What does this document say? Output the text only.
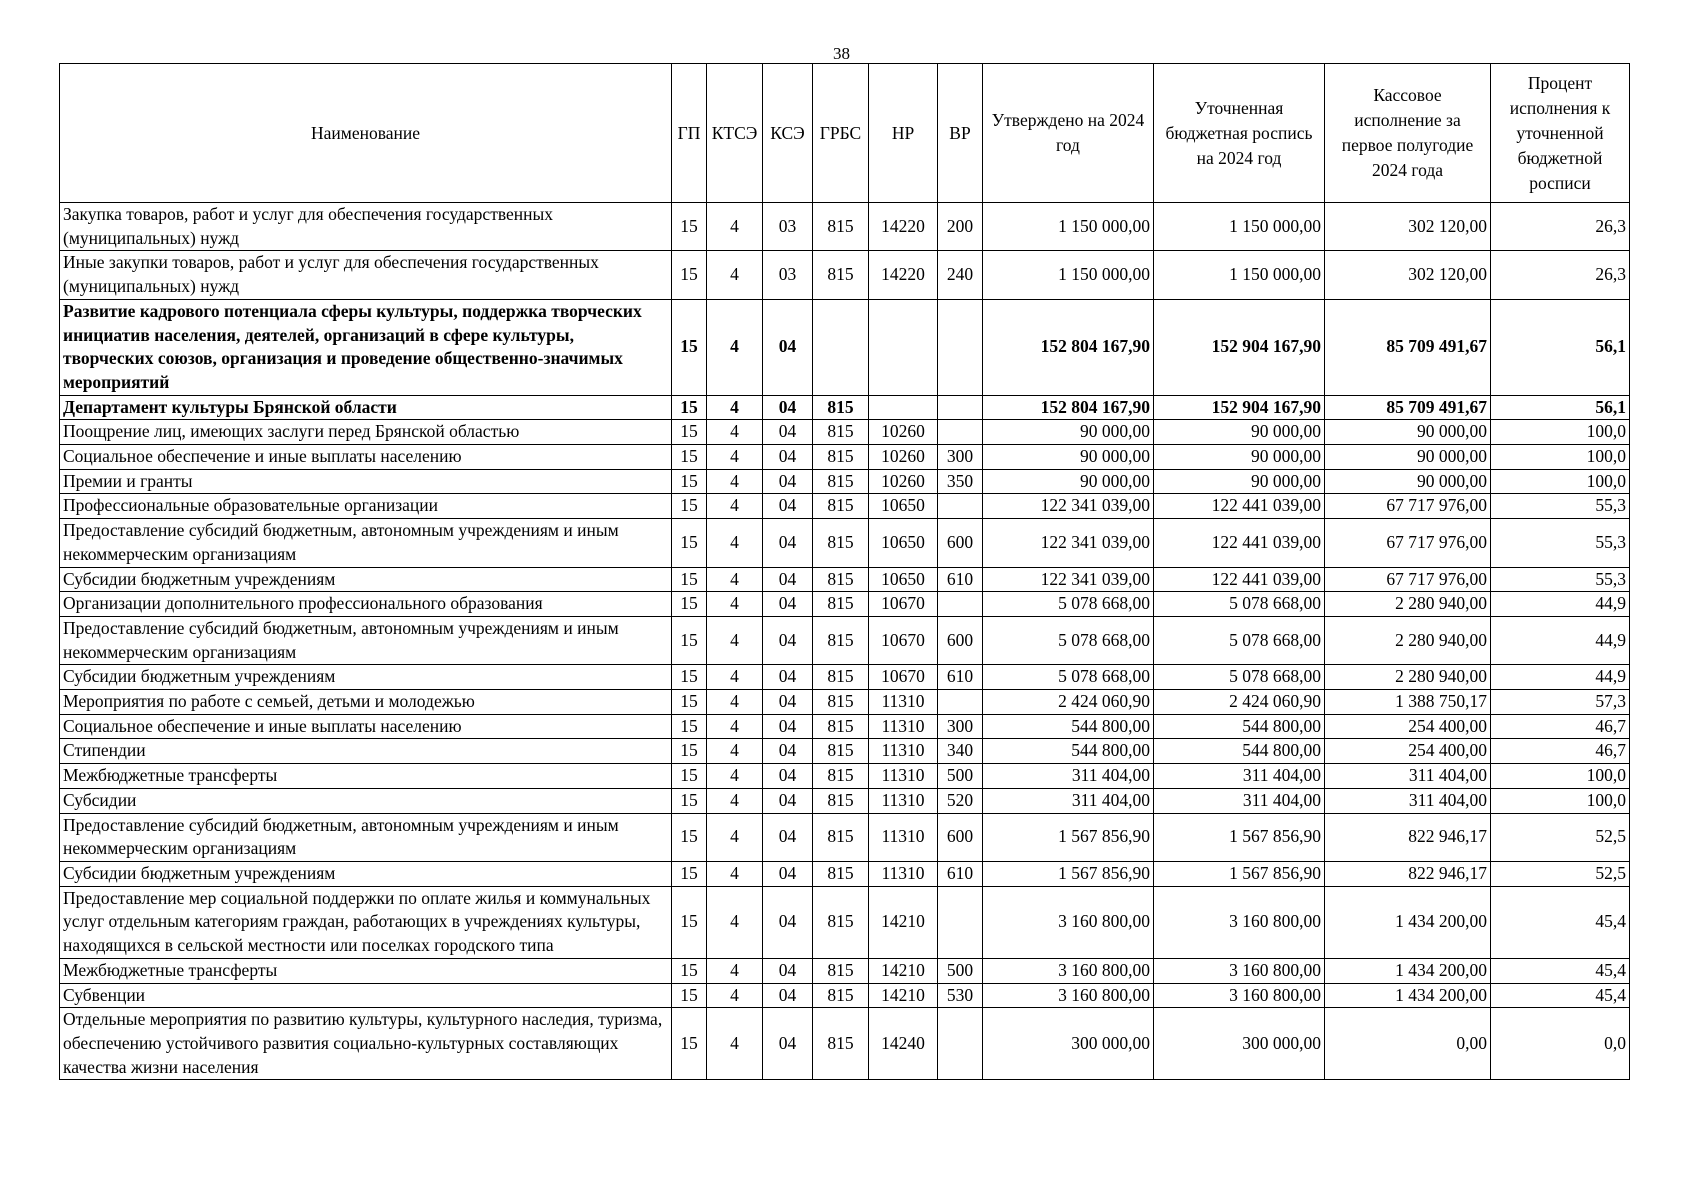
38
Наименование	ГП	КТСЭ	КСЭ	ГРБС	НР	ВР	Утверждено на 2024 год	Уточненная бюджетная роспись на 2024 год	Кассовое исполнение за первое полугодие 2024 года	Процент исполнения к уточненной бюджетной росписи
Закупка товаров, работ и услуг для обеспечения государственных (муниципальных) нужд	15	4	03	815	14220	200	1 150 000,00	1 150 000,00	302 120,00	26,3
Иные закупки товаров, работ и услуг для обеспечения государственных (муниципальных) нужд	15	4	03	815	14220	240	1 150 000,00	1 150 000,00	302 120,00	26,3
Развитие кадрового потенциала сферы культуры, поддержка творческих инициатив населения, деятелей, организаций в сфере культуры, творческих союзов, организация и проведение общественно-значимых мероприятий	15	4	04				152 804 167,90	152 904 167,90	85 709 491,67	56,1
Департамент культуры Брянской области	15	4	04	815			152 804 167,90	152 904 167,90	85 709 491,67	56,1
Поощрение лиц, имеющих заслуги перед Брянской областью	15	4	04	815	10260		90 000,00	90 000,00	90 000,00	100,0
Социальное обеспечение и иные выплаты населению	15	4	04	815	10260	300	90 000,00	90 000,00	90 000,00	100,0
Премии и гранты	15	4	04	815	10260	350	90 000,00	90 000,00	90 000,00	100,0
Профессиональные образовательные организации	15	4	04	815	10650		122 341 039,00	122 441 039,00	67 717 976,00	55,3
Предоставление субсидий бюджетным, автономным учреждениям и иным некоммерческим организациям	15	4	04	815	10650	600	122 341 039,00	122 441 039,00	67 717 976,00	55,3
Субсидии бюджетным учреждениям	15	4	04	815	10650	610	122 341 039,00	122 441 039,00	67 717 976,00	55,3
Организации дополнительного профессионального образования	15	4	04	815	10670		5 078 668,00	5 078 668,00	2 280 940,00	44,9
Предоставление субсидий бюджетным, автономным учреждениям и иным некоммерческим организациям	15	4	04	815	10670	600	5 078 668,00	5 078 668,00	2 280 940,00	44,9
Субсидии бюджетным учреждениям	15	4	04	815	10670	610	5 078 668,00	5 078 668,00	2 280 940,00	44,9
Мероприятия по работе с семьей, детьми и молодежью	15	4	04	815	11310		2 424 060,90	2 424 060,90	1 388 750,17	57,3
Социальное обеспечение и иные выплаты населению	15	4	04	815	11310	300	544 800,00	544 800,00	254 400,00	46,7
Стипендии	15	4	04	815	11310	340	544 800,00	544 800,00	254 400,00	46,7
Межбюджетные трансферты	15	4	04	815	11310	500	311 404,00	311 404,00	311 404,00	100,0
Субсидии	15	4	04	815	11310	520	311 404,00	311 404,00	311 404,00	100,0
Предоставление субсидий бюджетным, автономным учреждениям и иным некоммерческим организациям	15	4	04	815	11310	600	1 567 856,90	1 567 856,90	822 946,17	52,5
Субсидии бюджетным учреждениям	15	4	04	815	11310	610	1 567 856,90	1 567 856,90	822 946,17	52,5
Предоставление мер социальной поддержки по оплате жилья и коммунальных услуг отдельным категориям граждан, работающих в учреждениях культуры, находящихся в сельской местности или поселках городского типа	15	4	04	815	14210		3 160 800,00	3 160 800,00	1 434 200,00	45,4
Межбюджетные трансферты	15	4	04	815	14210	500	3 160 800,00	3 160 800,00	1 434 200,00	45,4
Субвенции	15	4	04	815	14210	530	3 160 800,00	3 160 800,00	1 434 200,00	45,4
Отдельные мероприятия по развитию культуры, культурного наследия, туризма, обеспечению устойчивого развития социально-культурных составляющих качества жизни населения	15	4	04	815	14240		300 000,00	300 000,00	0,00	0,0
